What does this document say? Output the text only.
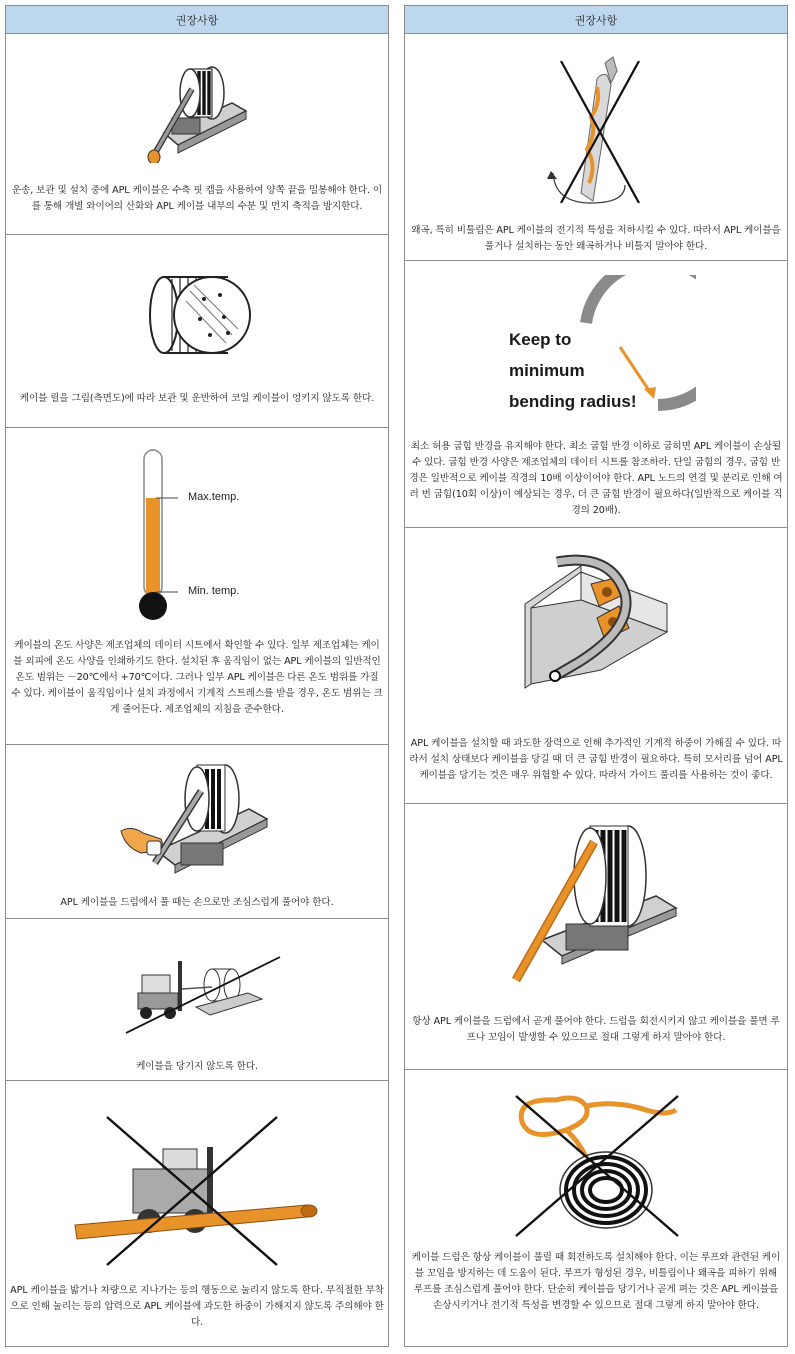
권장사항
운송, 보관 및 설치 중에 APL 케이블은 수축 핏 캡을 사용하여 양쪽 끝을 밀봉해야 한다. 이를 통해 개별 와이어의 산화와 APL 케이블 내부의 수분 및 먼지 축적을 방지한다.
케이블 릴을 그림(측면도)에 따라 보관 및 운반하여 코일 케이블이 엉키지 않도록 한다.
Max.temp.
Min. temp.
케이블의 온도 사양은 제조업체의 데이터 시트에서 확인할 수 있다. 일부 제조업체는 케이블 외피에 온도 사양을 인쇄하기도 한다. 설치된 후 움직임이 없는 APL 케이블의 일반적인 온도 범위는 －20℃에서 +70℃이다. 그러나 일부 APL 케이블은 다른 온도 범위를 가질 수 있다. 케이블이 움직임이나 설치 과정에서 기계적 스트레스를 받을 경우, 온도 범위는 크게 줄어든다. 제조업체의 지침을 준수한다.
APL 케이블을 드럼에서 풀 때는 손으로만 조심스럽게 풀어야 한다.
케이블을 당기지 않도록 한다.
APL 케이블을 밟거나 차량으로 지나가는 등의 행동으로 눌리지 않도록 한다. 부적절한 부착으로 인해 눌리는 등의 압력으로 APL 케이블에 과도한 하중이 가해지지 않도록 주의해야 한다.
권장사항
왜곡, 특히 비틀림은 APL 케이블의 전기적 특성을 저하시킬 수 있다. 따라서 APL 케이블을 풀거나 설치하는 동안 왜곡하거나 비틀지 말아야 한다.
Keep to
minimum
bending radius!
최소 허용 굽힘 반경을 유지해야 한다. 최소 굽힘 반경 이하로 굽히면 APL 케이블이 손상될 수 있다. 굽힘 반경 사양은 제조업체의 데이터 시트를 참조하라. 단일 굽힘의 경우, 굽힘 반경은 일반적으로 케이블 직경의 10배 이상이어야 한다. APL 노드의 연결 및 분리로 인해 여러 번 굽힘(10회 이상)이 예상되는 경우, 더 큰 굽힘 반경이 필요하다(일반적으로 케이블 직경의 20배).
APL 케이블을 설치할 때 과도한 장력으로 인해 추가적인 기계적 하중이 가해질 수 있다. 따라서 설치 상태보다 케이블을 당길 때 더 큰 굽힘 반경이 필요하다. 특히 모서리를 넘어 APL 케이블을 당기는 것은 매우 위험할 수 있다. 따라서 가이드 풀리를 사용하는 것이 좋다.
항상 APL 케이블을 드럼에서 곧게 풀어야 한다. 드럼을 회전시키지 않고 케이블을 풀면 루프나 꼬임이 발생할 수 있으므로 절대 그렇게 하지 말아야 한다.
케이블 드럼은 항상 케이블이 풀릴 때 회전하도록 설치해야 한다. 이는 루프와 관련된 케이블 꼬임을 방지하는 데 도움이 된다. 루프가 형성된 경우, 비틀림이나 왜곡을 피하기 위해 루프를 조심스럽게 풀어야 한다. 단순히 케이블을 당기거나 곧게 펴는 것은 APL 케이블을 손상시키거나 전기적 특성을 변경할 수 있으므로 절대 그렇게 하지 말아야 한다.
